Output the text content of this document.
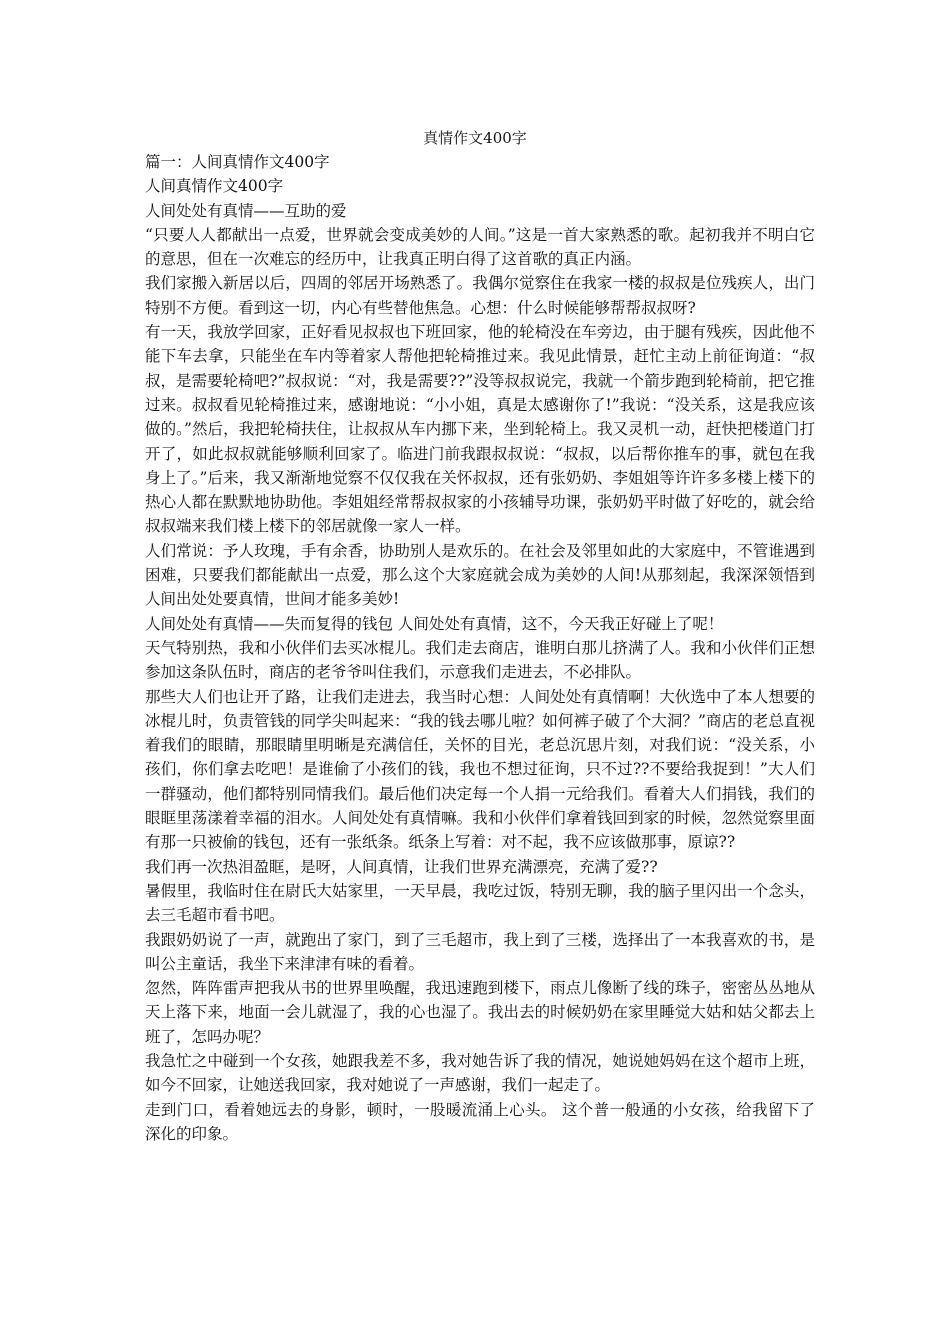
真情作文400字

篇一：人间真情作文400字

人间真情作文400字

人间处处有真情——互助的爱

“只要人人都献出一点爱，世界就会变成美妙的人间。”这是一首大家熟悉的歌。起初我并不明白它的意思，但在一次难忘的经历中，让我真正明白得了这首歌的真正内涵。

我们家搬入新居以后，四周的邻居开场熟悉了。我偶尔觉察住在我家一楼的叔叔是位残疾人，出门特别不方便。看到这一切，内心有些替他焦急。心想：什么时候能够帮帮叔叔呀?

有一天，我放学回家，正好看见叔叔也下班回家，他的轮椅没在车旁边，由于腿有残疾，因此他不能下车去拿，只能坐在车内等着家人帮他把轮椅推过来。我见此情景，赶忙主动上前征询道：“叔叔，是需要轮椅吧?”叔叔说：“对，我是需要??”没等叔叔说完，我就一个箭步跑到轮椅前，把它推过来。叔叔看见轮椅推过来，感谢地说：“小小姐，真是太感谢你了!”我说：“没关系，这是我应该做的。”然后，我把轮椅扶住，让叔叔从车内挪下来，坐到轮椅上。我又灵机一动，赶快把楼道门打开了，如此叔叔就能够顺利回家了。临进门前我跟叔叔说：“叔叔，以后帮你推车的事，就包在我身上了。”后来，我又渐渐地觉察不仅仅我在关怀叔叔，还有张奶奶、李姐姐等许许多多楼上楼下的热心人都在默默地协助他。李姐姐经常帮叔叔家的小孩辅导功课，张奶奶平时做了好吃的，就会给叔叔端来我们楼上楼下的邻居就像一家人一样。

人们常说：予人玫瑰，手有余香，协助别人是欢乐的。在社会及邻里如此的大家庭中，不管谁遇到困难，只要我们都能献出一点爱，那么这个大家庭就会成为美妙的人间!从那刻起，我深深领悟到人间出处处要真情，世间才能多美妙!

人间处处有真情——失而复得的钱包 人间处处有真情，这不，今天我正好碰上了呢！

天气特别热，我和小伙伴们去买冰棍儿。我们走去商店，谁明白那儿挤满了人。我和小伙伴们正想参加这条队伍时，商店的老爷爷叫住我们，示意我们走进去，不必排队。

那些大人们也让开了路，让我们走进去，我当时心想：人间处处有真情啊！大伙选中了本人想要的冰棍儿时，负责管钱的同学尖叫起来：“我的钱去哪儿啦？如何裤子破了个大洞？”商店的老总直视着我们的眼睛，那眼睛里明晰是充满信任，关怀的目光，老总沉思片刻，对我们说：“没关系，小孩们，你们拿去吃吧！是谁偷了小孩们的钱，我也不想过征询，只不过??不要给我捉到！”大人们一群骚动，他们都特别同情我们。最后他们决定每一个人捐一元给我们。看着大人们捐钱，我们的眼眶里荡漾着幸福的泪水。人间处处有真情嘛。我和小伙伴们拿着钱回到家的时候，忽然觉察里面有那一只被偷的钱包，还有一张纸条。纸条上写着：对不起，我不应该做那事，原谅??

我们再一次热泪盈眶，是呀，人间真情，让我们世界充满漂亮，充满了爱??

暑假里，我临时住在尉氏大姑家里，一天早晨，我吃过饭，特别无聊，我的脑子里闪出一个念头，去三毛超市看书吧。

我跟奶奶说了一声，就跑出了家门，到了三毛超市，我上到了三楼，选择出了一本我喜欢的书，是叫公主童话，我坐下来津津有味的看着。

忽然，阵阵雷声把我从书的世界里唤醒，我迅速跑到楼下，雨点儿像断了线的珠子，密密丛丛地从天上落下来，地面一会儿就湿了，我的心也湿了。我出去的时候奶奶在家里睡觉大姑和姑父都去上班了，怎吗办呢？

我急忙之中碰到一个女孩，她跟我差不多，我对她告诉了我的情况，她说她妈妈在这个超市上班，如今不回家，让她送我回家，我对她说了一声感谢，我们一起走了。

走到门口，看着她远去的身影，顿时，一股暖流涌上心头。 这个普一般通的小女孩，给我留下了深化的印象。
